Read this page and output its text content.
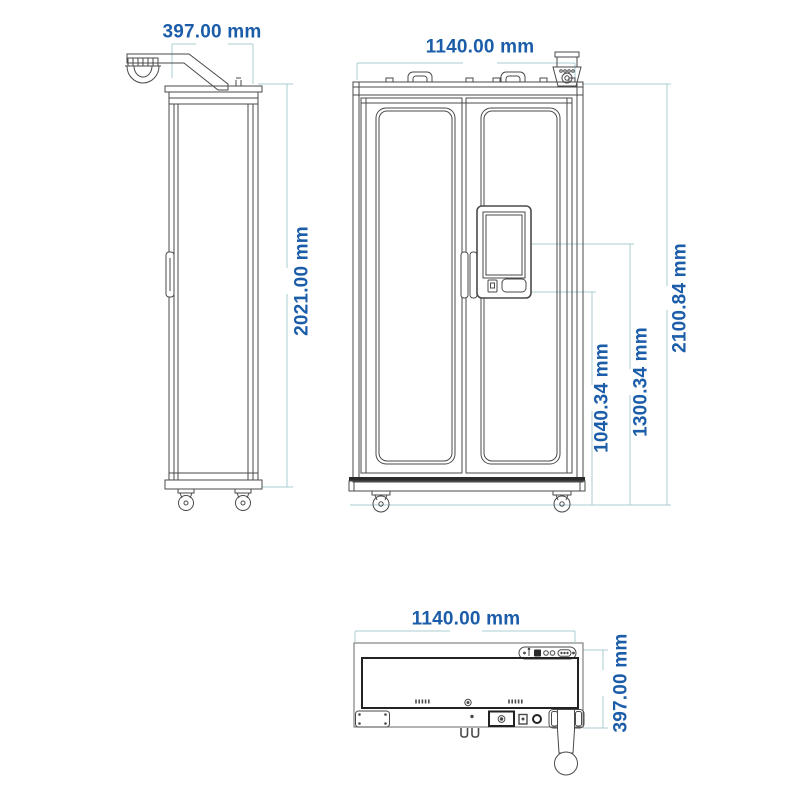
397.00 mm
2021.00 mm
1140.00 mm
2100.84 mm
1300.34 mm
1040.34 mm
1140.00 mm
397.00 mm
